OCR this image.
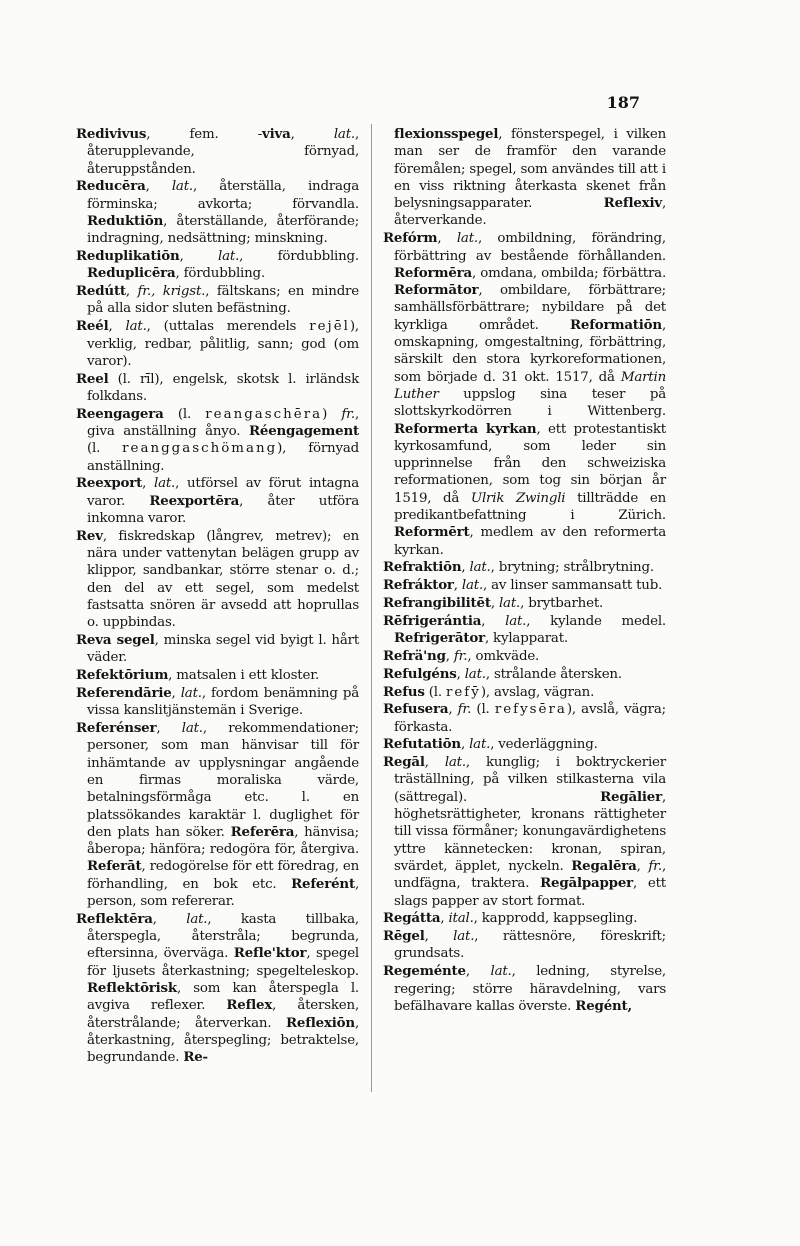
187

Redivivus, fem. -viva, lat., återupplevande, förnyad, återuppstånden.

Reducēra, lat., återställa, indraga förminska; avkorta; förvandla. Reduktiōn, återställande, återförande; indragning, nedsättning; minskning.

Reduplikatiōn, lat., fördubbling. Reduplicēra, fördubbling.

Redútt, fr., krigst., fältskans; en mindre på alla sidor sluten befästning.

Reél, lat., (uttalas merendels rejēl), verklig, redbar, pålitlig, sann; god (om varor).

Reel (l. rīl), engelsk, skotsk l. irländsk folkdans.

Reengagera (l. reangaschēra) fr., giva anställning ånyo. Réengagement (l. reanggaschömang), förnyad anställning.

Reexport, lat., utförsel av förut intagna varor. Reexportēra, åter utföra inkomna varor.

Rev, fiskredskap (långrev, metrev); en nära under vattenytan belägen grupp av klippor, sandbankar, större stenar o. d.; den del av ett segel, som medelst fastsatta snören är avsedd att hoprullas o. uppbindas.

Reva segel, minska segel vid byigt l. hårt väder.

Refektōrium, matsalen i ett kloster.

Referendārie, lat., fordom benämning på vissa kanslitjänstemän i Sverige.

Referénser, lat., rekommendationer; personer, som man hänvisar till för inhämtande av upplysningar angående en firmas moraliska värde, betalningsförmåga etc. l. en platssökandes karaktär l. duglighet för den plats han söker. Referēra, hänvisa; åberopa; hänföra; redogöra för, återgiva. Referāt, redogörelse för ett föredrag, en förhandling, en bok etc. Referént, person, som refererar.

Reflektēra, lat., kasta tillbaka, återspegla, återstråla; begrunda, eftersinna, överväga. Refle'ktor, spegel för ljusets återkastning; spegelteleskop. Reflektōrisk, som kan återspegla l. avgiva reflexer. Reflex, återsken, återstrålande; återverkan. Reflexiōn, återkastning, återspegling; betraktelse, begrundande. Re-

flexionsspegel, fönsterspegel, i vilken man ser de framför den varande föremålen; spegel, som användes till att i en viss riktning återkasta skenet från belysningsapparater. Reflexiv, återverkande.

Refórm, lat., ombildning, förändring, förbättring av bestående förhållanden. Reformēra, omdana, ombilda; förbättra. Reformātor, ombildare, förbättrare; samhällsförbättrare; nybildare på det kyrkliga området. Reformatiōn, omskapning, omgestaltning, förbättring, särskilt den stora kyrkoreformationen, som började d. 31 okt. 1517, då Martin Luther uppslog sina teser på slottskyrkodörren i Wittenberg. Reformerta kyrkan, ett protestantiskt kyrkosamfund, som leder sin upprinnelse från den schweiziska reformationen, som tog sin början år 1519, då Ulrik Zwingli tillträdde en predikantbefattning i Zürich. Reformērt, medlem av den reformerta kyrkan.

Refraktiōn, lat., brytning; strålbrytning.

Refráktor, lat., av linser sammansatt tub.

Refrangibilitēt, lat., brytbarhet.

Rēfrigerántia, lat., kylande medel. Refrigerātor, kylapparat.

Refrä'ng, fr., omkväde.

Refulgéns, lat., strålande återsken.

Refus (l. refȳ), avslag, vägran.

Refusera, fr. (l. refysēra), avslå, vägra; förkasta.

Refutatiōn, lat., vederläggning.

Regāl, lat., kunglig; i boktryckerier träställning, på vilken stilkasterna vila (sättregal). Regālier, höghetsrättigheter, kronans rättigheter till vissa förmåner; konungavärdighetens yttre kännetecken: kronan, spiran, svärdet, äpplet, nyckeln. Regalēra, fr., undfägna, traktera. Regālpapper, ett slags papper av stort format.

Regátta, ital., kapprodd, kappsegling.

Rēgel, lat., rättesnöre, föreskrift; grundsats.

Regeménte, lat., ledning, styrelse, regering; större häravdelning, vars befälhavare kallas överste. Regént,
